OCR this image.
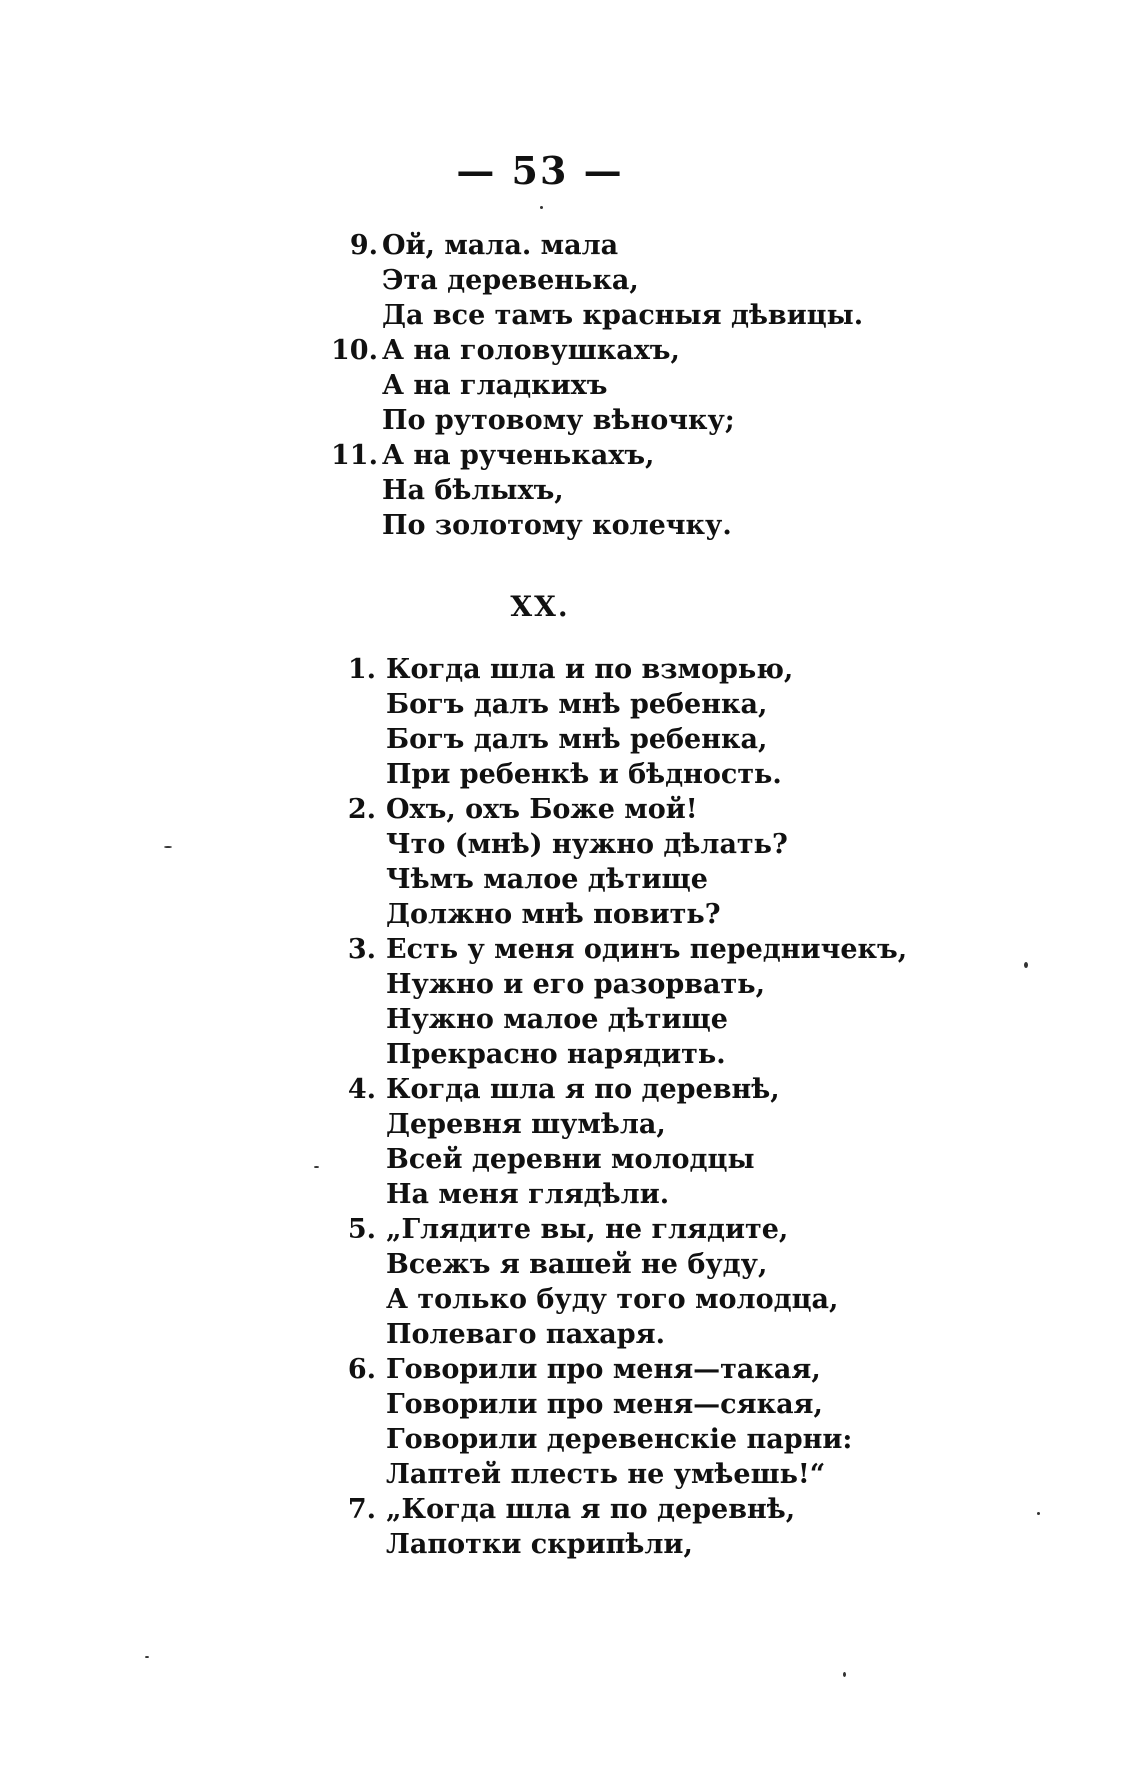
— 53 —
9. Ой, мала. мала
Эта деревенька,
Да все тамъ красныя дѣвицы.
10. А на головушкахъ,
А на гладкихъ
По рутовому вѣночку;
11. А на рученькахъ,
На бѣлыхъ,
По золотому колечку.
XX.
1. Когда шла и по взморью,
Богъ далъ мнѣ ребенка,
Богъ далъ мнѣ ребенка,
При ребенкѣ и бѣдность.
2. Охъ, охъ Боже мой!
Что (мнѣ) нужно дѣлать?
Чѣмъ малое дѣтище
Должно мнѣ повить?
3. Есть у меня одинъ передничекъ,
Нужно и его разорвать,
Нужно малое дѣтище
Прекрасно нарядить.
4. Когда шла я по деревнѣ,
Деревня шумѣла,
Всей деревни молодцы
На меня глядѣли.
5. „Глядите вы, не глядите,
Всежъ я вашей не буду,
А только буду того молодца,
Полеваго пахаря.
6. Говорили про меня—такая,
Говорили про меня—сякая,
Говорили деревенскіе парни:
Лаптей плесть не умѣешь!“
7. „Когда шла я по деревнѣ,
Лапотки скрипѣли,
